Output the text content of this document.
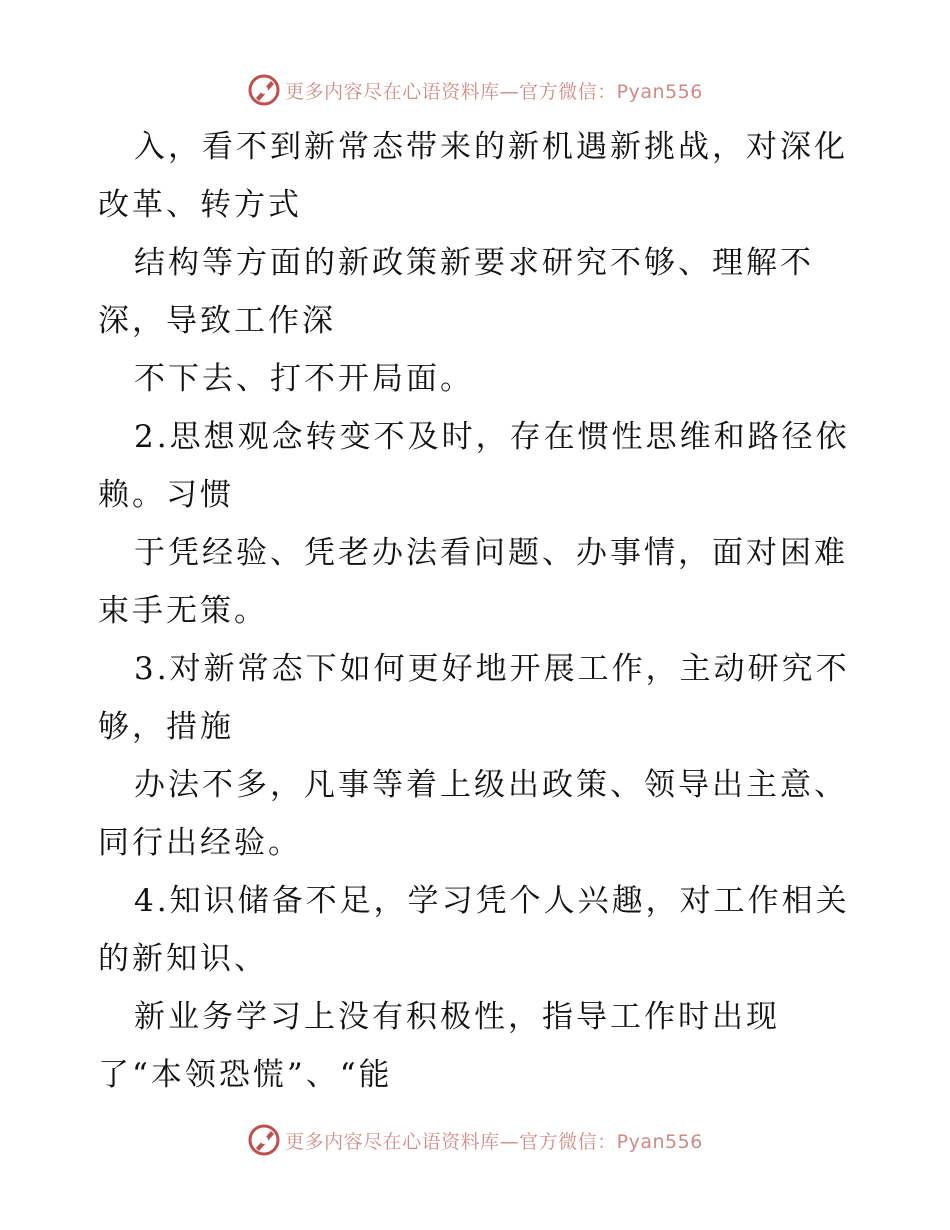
更多内容尽在心语资料库—官方微信：Pyan556
入，看不到新常态带来的新机遇新挑战，对深化
改革、转方式
结构等方面的新政策新要求研究不够、理解不
深，导致工作深
不下去、打不开局面。
2.思想观念转变不及时，存在惯性思维和路径依
赖。习惯
于凭经验、凭老办法看问题、办事情，面对困难
束手无策。
3.对新常态下如何更好地开展工作，主动研究不
够，措施
办法不多，凡事等着上级出政策、领导出主意、
同行出经验。
4.知识储备不足，学习凭个人兴趣，对工作相关
的新知识、
新业务学习上没有积极性，指导工作时出现
了“本领恐慌”、“能
更多内容尽在心语资料库—官方微信：Pyan556
